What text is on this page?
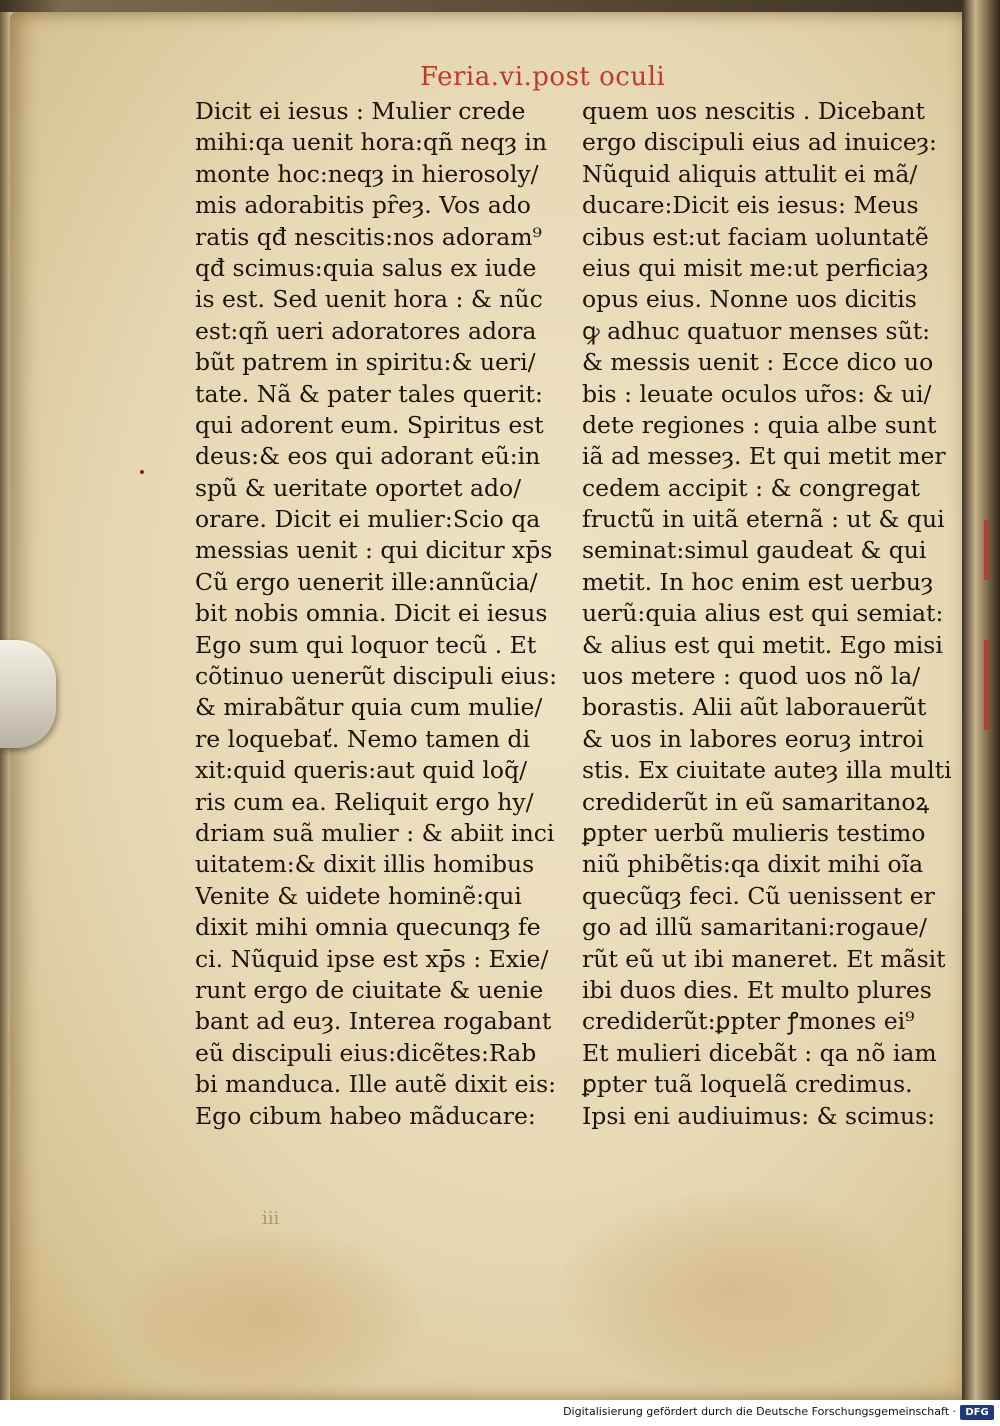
Feria.vi.post oculi
Dicit ei iesus : Mulier crede
mihi:qa uenit hora:qñ neqȝ in
monte hoc:neqȝ in hierosoly/
mis adorabitis pȓeȝ. Vos ado
ratis qđ nescitis:nos adoram⁹
qđ scimus:quia salus ex iude
is est. Sed uenit hora : & nũc
est:qñ ueri adoratores adora
bũt patrem in spiritu:& ueri/
tate. Nã & pater tales querit:
qui adorent eum. Spiritus est
deus:& eos qui adorant eũ:in
spũ & ueritate oportet ado/
orare. Dicit ei mulier:Scio qa
messias uenit : qui dicitur xp̄s
Cũ ergo uenerit ille:annũcia/
bit nobis omnia. Dicit ei iesus
Ego sum qui loquor tecũ . Et
cõtinuo uenerũt discipuli eius:
& mirabãtur quia cum mulie/
re loquebať. Nemo tamen di
xit:quid queris:aut quid loq̃/
ris cum ea. Reliquit ergo hy/
driam suã mulier : & abiit inci
uitatem:& dixit illis homibus
Venite & uidete hominẽ:qui
dixit mihi omnia quecunqȝ fe
ci. Nũquid ipse est xp̄s : Exie/
runt ergo de ciuitate & uenie
bant ad euȝ. Interea rogabant
eũ discipuli eius:dicẽtes:Rab
bi manduca. Ille autẽ dixit eis:
Ego cibum habeo mãducare:
quem uos nescitis . Dicebant
ergo discipuli eius ad inuiceȝ:
Nũquid aliquis attulit ei mã/
ducare:Dicit eis iesus: Meus
cibus est:ut faciam uoluntatẽ
eius qui misit me:ut perficiaȝ
opus eius. Nonne uos dicitis
ꝙ adhuc quatuor menses sũt:
& messis uenit : Ecce dico uo
bis : leuate oculos ur̃os: & ui/
dete regiones : quia albe sunt
iã ad messeȝ. Et qui metit mer
cedem accipit : & congregat
fructũ in uitã eternã : ut & qui
seminat:simul gaudeat & qui
metit. In hoc enim est uerbuȝ
uerũ:quia alius est qui semiat:
& alius est qui metit. Ego misi
uos metere : quod uos nõ la/
borastis. Alii aũt laborauerũt
& uos in labores eoruȝ introi
stis. Ex ciuitate auteȝ illa multi
crediderũt in eũ samaritanoꝝ
ꝑpter uerbũ mulieris testimo
niũ phibẽtis:qa dixit mihi oĩa
quecũqȝ feci. Cũ uenissent er
go ad illũ samaritani:rogaue/
rũt eũ ut ibi maneret. Et mãsit
ibi duos dies. Et multo plures
crediderũt:ꝑpter ꝭmones ei⁹
Et mulieri dicebãt : qa nõ iam
ꝑpter tuã loquelã credimus.
Ipsi eni audiuimus: & scimus:
iii
Digitalisierung gefördert durch die Deutsche Forschungsgemeinschaft · DFG
